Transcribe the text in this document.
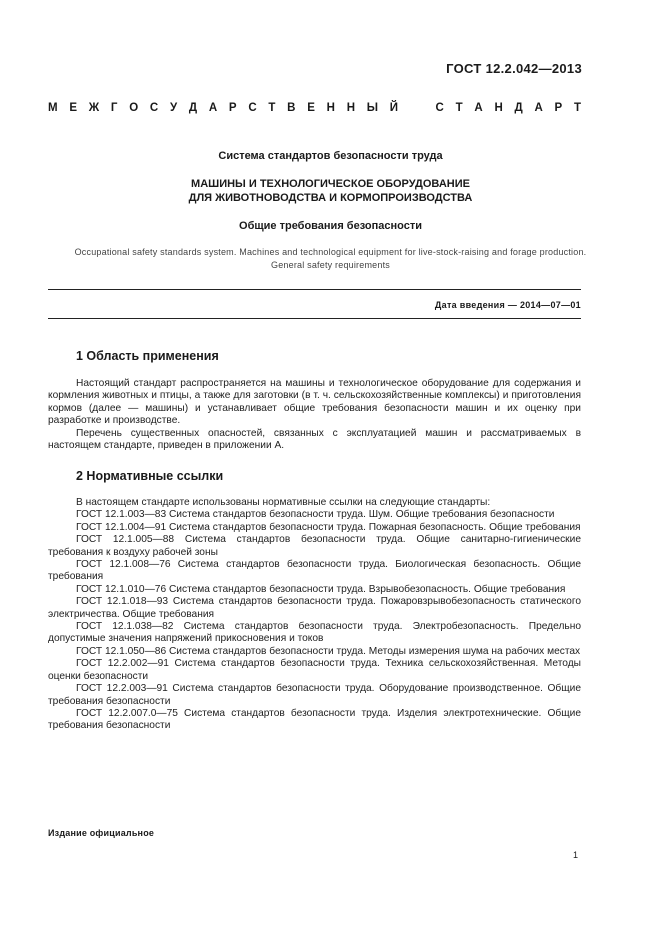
ГОСТ 12.2.042—2013
М Е Ж Г О С У Д А Р С Т В Е Н Н Ы Й	С Т А Н Д А Р Т
Система стандартов безопасности труда
МАШИНЫ И ТЕХНОЛОГИЧЕСКОЕ ОБОРУДОВАНИЕ
ДЛЯ ЖИВОТНОВОДСТВА И КОРМОПРОИЗВОДСТВА
Общие требования безопасности
Occupational safety standards system. Machines and technological equipment for live-stock-raising and forage production. General safety requirements
Дата введения — 2014—07—01
1 Область применения

Настоящий стандарт распространяется на машины и технологическое оборудование для содержания и кормления животных и птицы, а также для заготовки (в т. ч. сельскохозяйственные комплексы) и приготовления кормов (далее — машины) и устанавливает общие требования безопасности машин и их оценку при разработке и производстве.

Перечень существенных опасностей, связанных с эксплуатацией машин и рассматриваемых в настоящем стандарте, приведен в приложении А.

2 Нормативные ссылки

В настоящем стандарте использованы нормативные ссылки на следующие стандарты:

ГОСТ 12.1.003—83 Система стандартов безопасности труда. Шум. Общие требования безопасности

ГОСТ 12.1.004—91 Система стандартов безопасности труда. Пожарная безопасность. Общие требования

ГОСТ 12.1.005—88 Система стандартов безопасности труда. Общие санитарно-гигиенические требования к воздуху рабочей зоны

ГОСТ 12.1.008—76 Система стандартов безопасности труда. Биологическая безопасность. Общие требования

ГОСТ 12.1.010—76 Система стандартов безопасности труда. Взрывобезопасность. Общие требования

ГОСТ 12.1.018—93 Система стандартов безопасности труда. Пожаровзрывобезопасность статического электричества. Общие требования

ГОСТ 12.1.038—82 Система стандартов безопасности труда. Электробезопасность. Предельно допустимые значения напряжений прикосновения и токов

ГОСТ 12.1.050—86 Система стандартов безопасности труда. Методы измерения шума на рабочих местах

ГОСТ 12.2.002—91 Система стандартов безопасности труда. Техника сельскохозяйственная. Методы оценки безопасности

ГОСТ 12.2.003—91 Система стандартов безопасности труда. Оборудование производственное. Общие требования безопасности

ГОСТ 12.2.007.0—75 Система стандартов безопасности труда. Изделия электротехнические. Общие требования безопасности

Издание официальное
1
